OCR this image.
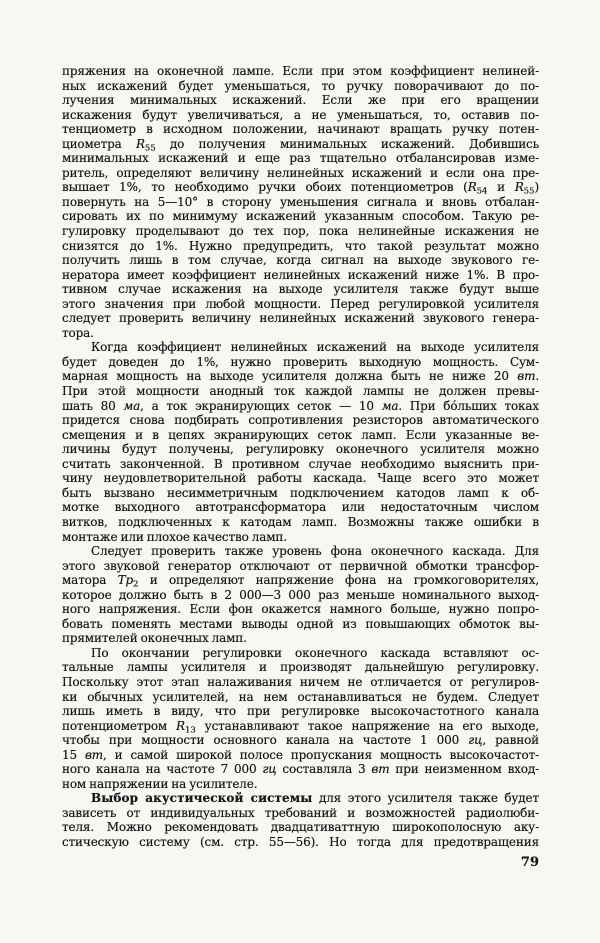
пряжения на оконечной лампе. Если при этом коэффициент нелиней-
ных искажений будет уменьшаться, то ручку поворачивают до по-
лучения минимальных искажений. Если же при его вращении
искажения будут увеличиваться, а не уменьшаться, то, оставив по-
тенциометр в исходном положении, начинают вращать ручку потен-
циометра $R_{55}$ до получения минимальных искажений. Добившись
минимальных искажений и еще раз тщательно отбалансировав изме-
ритель, определяют величину нелинейных искажений и если она пре-
вышает 1%, то необходимо ручки обоих потенциометров ($R_{54}$ и $R_{55}$)
повернуть на 5—10° в сторону уменьшения сигнала и вновь отбалан-
сировать их по минимуму искажений указанным способом. Такую ре-
гулировку проделывают до тех пор, пока нелинейные искажения не
снизятся до 1%. Нужно предупредить, что такой результат можно
получить лишь в том случае, когда сигнал на выходе звукового ге-
нератора имеет коэффициент нелинейных искажений ниже 1%. В про-
тивном случае искажения на выходе усилителя также будут выше
этого значения при любой мощности. Перед регулировкой усилителя
следует проверить величину нелинейных искажений звукового генера-
тора.
Когда коэффициент нелинейных искажений на выходе усилителя
будет доведен до 1%, нужно проверить выходную мощность. Сум-
марная мощность на выходе усилителя должна быть не ниже 20 вт.
При этой мощности анодный ток каждой лампы не должен превы-
шать 80 ма, а ток экранирующих сеток — 10 ма. При бо́льших токах
придется снова подбирать сопротивления резисторов автоматического
смещения и в цепях экранирующих сеток ламп. Если указанные ве-
личины будут получены, регулировку оконечного усилителя можно
считать законченной. В противном случае необходимо выяснить при-
чину неудовлетворительной работы каскада. Чаще всего это может
быть вызвано несимметричным подключением катодов ламп к об-
мотке выходного автотрансформатора или недостаточным числом
витков, подключенных к катодам ламп. Возможны также ошибки в
монтаже или плохое качество ламп.
Следует проверить также уровень фона оконечного каскада. Для
этого звуковой генератор отключают от первичной обмотки трансфор-
матора $Тр_2$ и определяют напряжение фона на громкоговорителях,
которое должно быть в 2 000—3 000 раз меньше номинального выход-
ного напряжения. Если фон окажется намного больше, нужно попро-
бовать поменять местами выводы одной из повышающих обмоток вы-
прямителей оконечных ламп.
По окончании регулировки оконечного каскада вставляют ос-
тальные лампы усилителя и производят дальнейшую регулировку.
Поскольку этот этап налаживания ничем не отличается от регулиров-
ки обычных усилителей, на нем останавливаться не будем. Следует
лишь иметь в виду, что при регулировке высокочастотного канала
потенциометром $R_{13}$ устанавливают такое напряжение на его выходе,
чтобы при мощности основного канала на частоте 1 000 гц, равной
15 вт, и самой широкой полосе пропускания мощность высокочастот-
ного канала на частоте 7 000 гц составляла 3 вт при неизменном вход-
ном напряжении на усилителе.
Выбор акустической системы для этого усилителя также будет
зависеть от индивидуальных требований и возможностей радиолюби-
теля. Можно рекомендовать двадцативаттную широкополосную аку-
стическую систему (см. стр. 55—56). Но тогда для предотвращения
79
